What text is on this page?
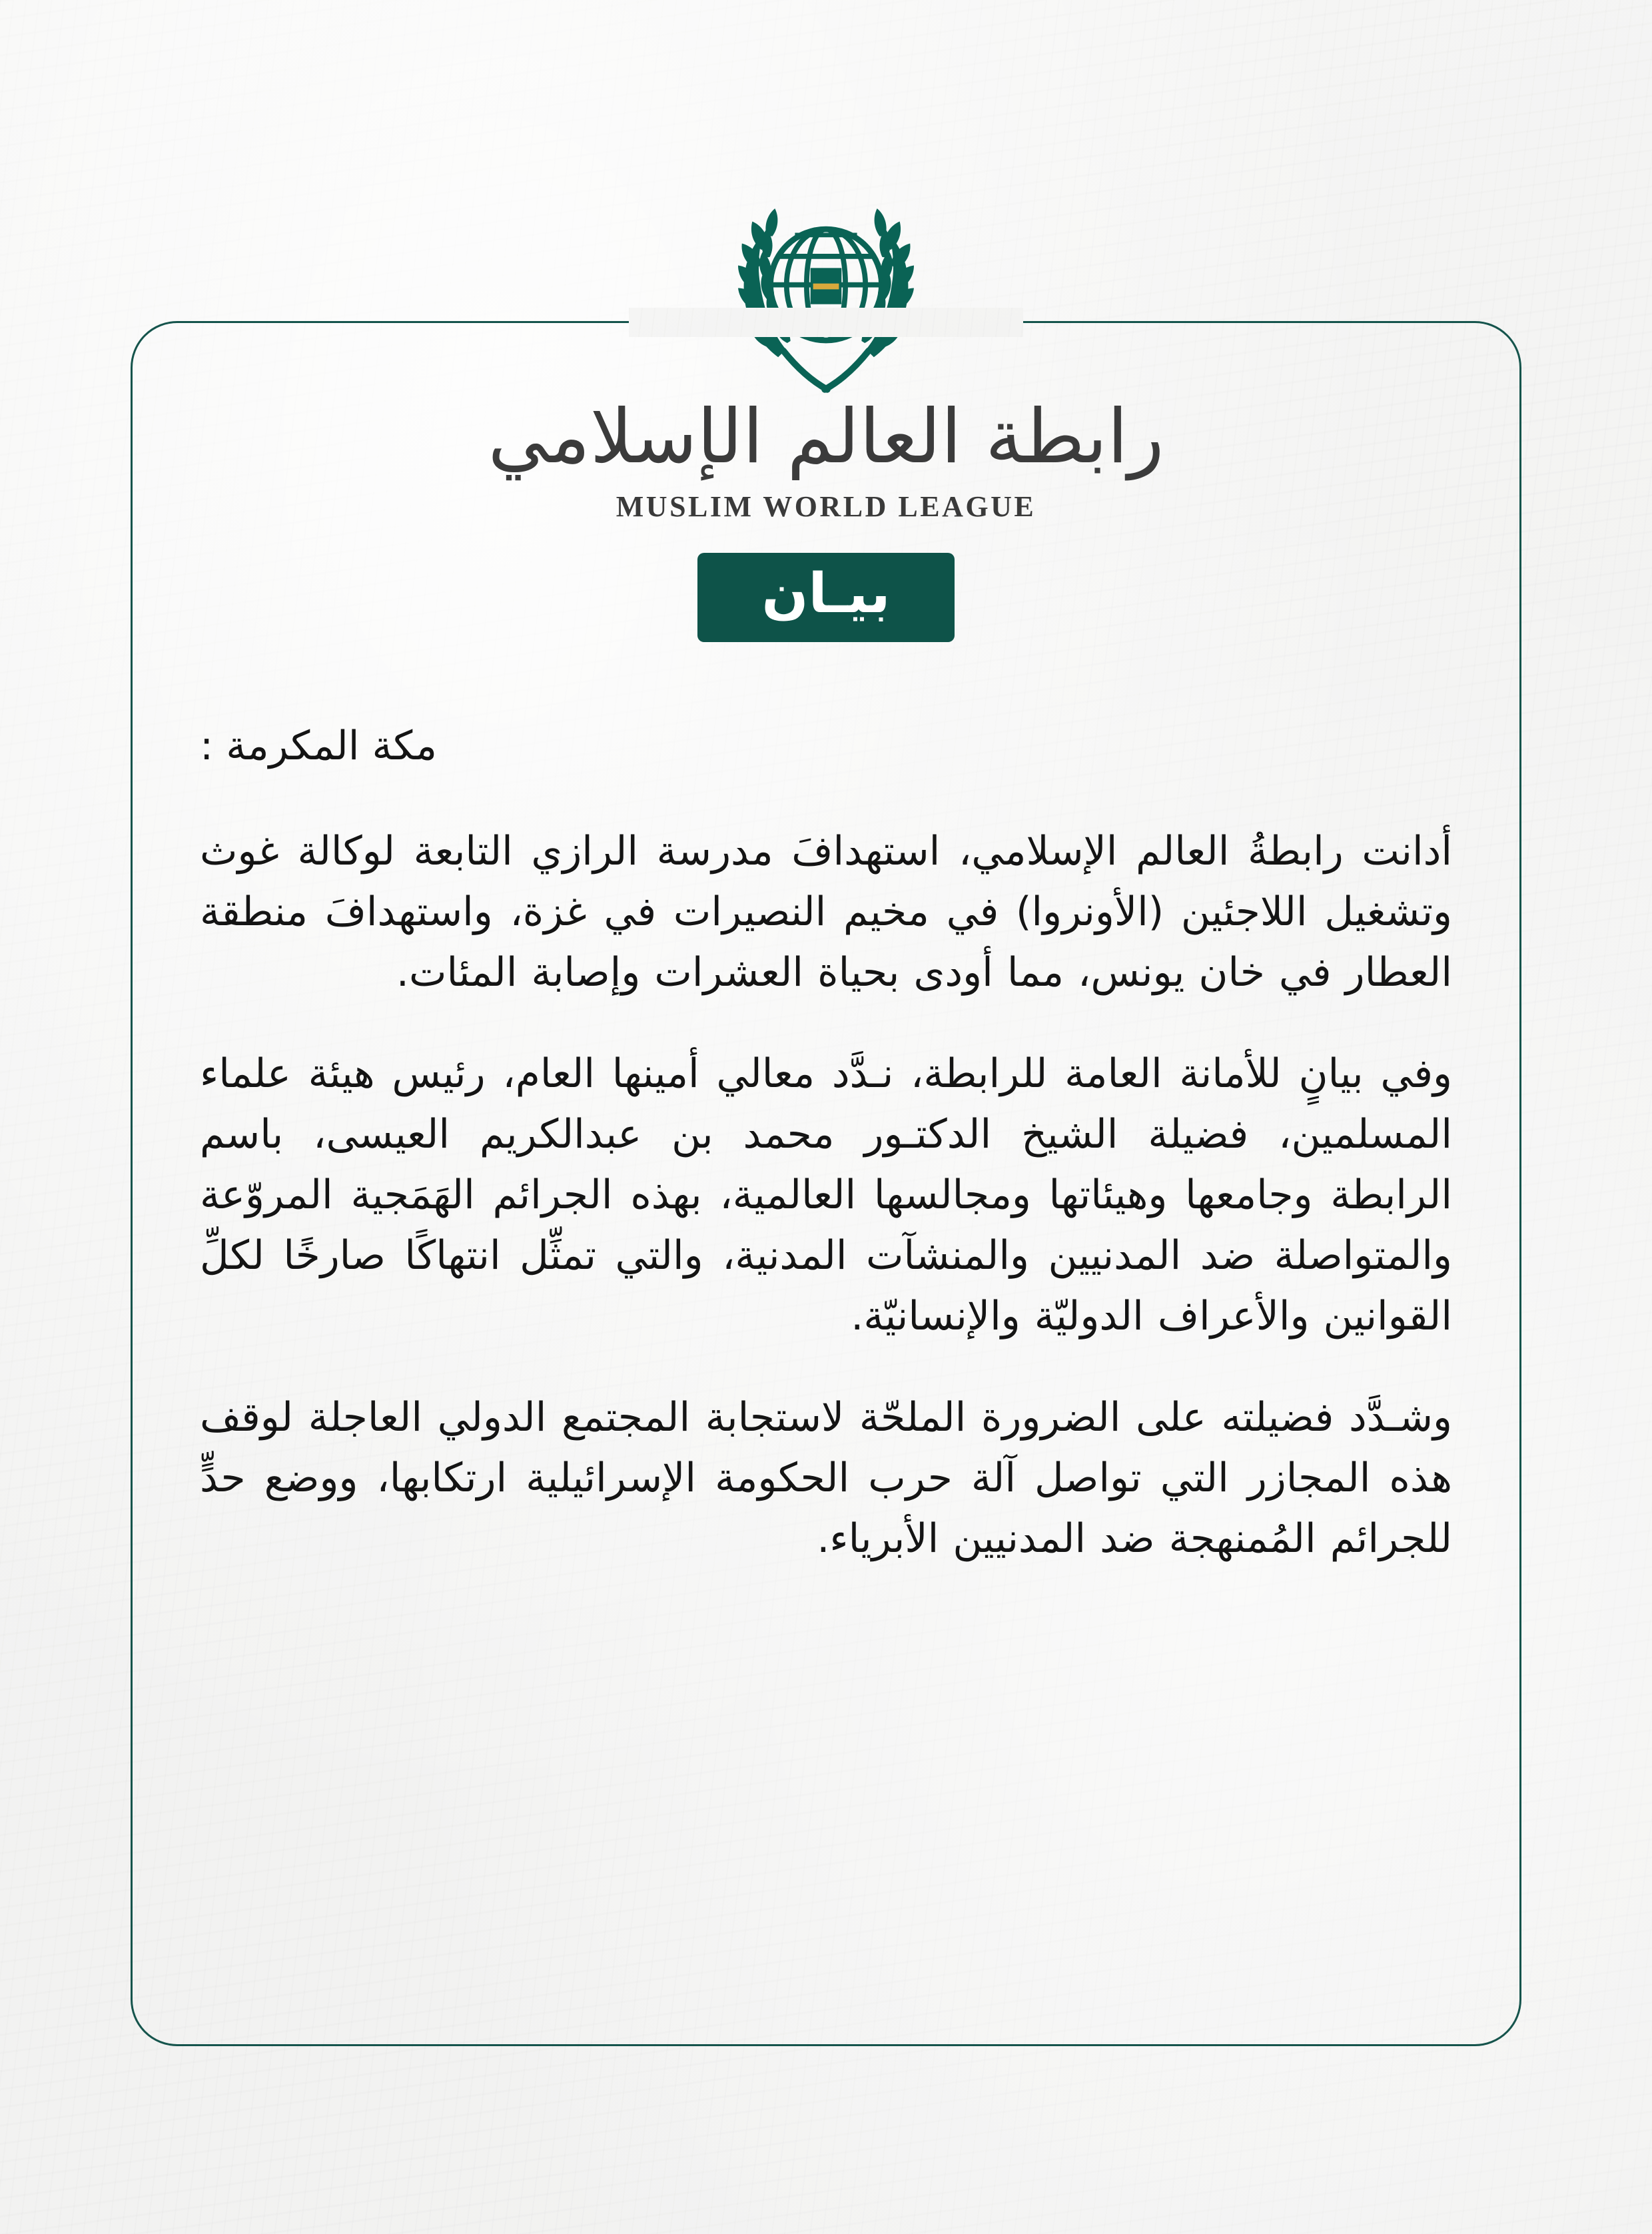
رابطة العالم الإسلامي
MUSLIM WORLD LEAGUE
بيـان
مكة المكرمة :

أدانت رابطةُ العالم الإسلامي، استهدافَ مدرسة الرازي التابعة لوكالة غوث وتشغيل اللاجئين (الأونروا) في مخيم النصيرات في غزة، واستهدافَ منطقة العطار في خان يونس، مما أودى بحياة العشرات وإصابة المئات.

وفي بيانٍ للأمانة العامة للرابطة، نـدَّد معالي أمينها العام، رئيس هيئة علماء المسلمين، فضيلة الشيخ الدكتـور محمد بن عبدالكريم العيسى، باسم الرابطة وجامعها وهيئاتها ومجالسها العالمية، بهذه الجرائم الهَمَجية المروّعة والمتواصلة ضد المدنيين والمنشآت المدنية، والتي تمثِّل انتهاكًا صارخًا لكلِّ القوانين والأعراف الدوليّة والإنسانيّة.

وشـدَّد فضيلته على الضرورة الملحّة لاستجابة المجتمع الدولي العاجلة لوقف هذه المجازر التي تواصل آلة حرب الحكومة الإسرائيلية ارتكابها، ووضع حدٍّ للجرائم المُمنهجة ضد المدنيين الأبرياء.
